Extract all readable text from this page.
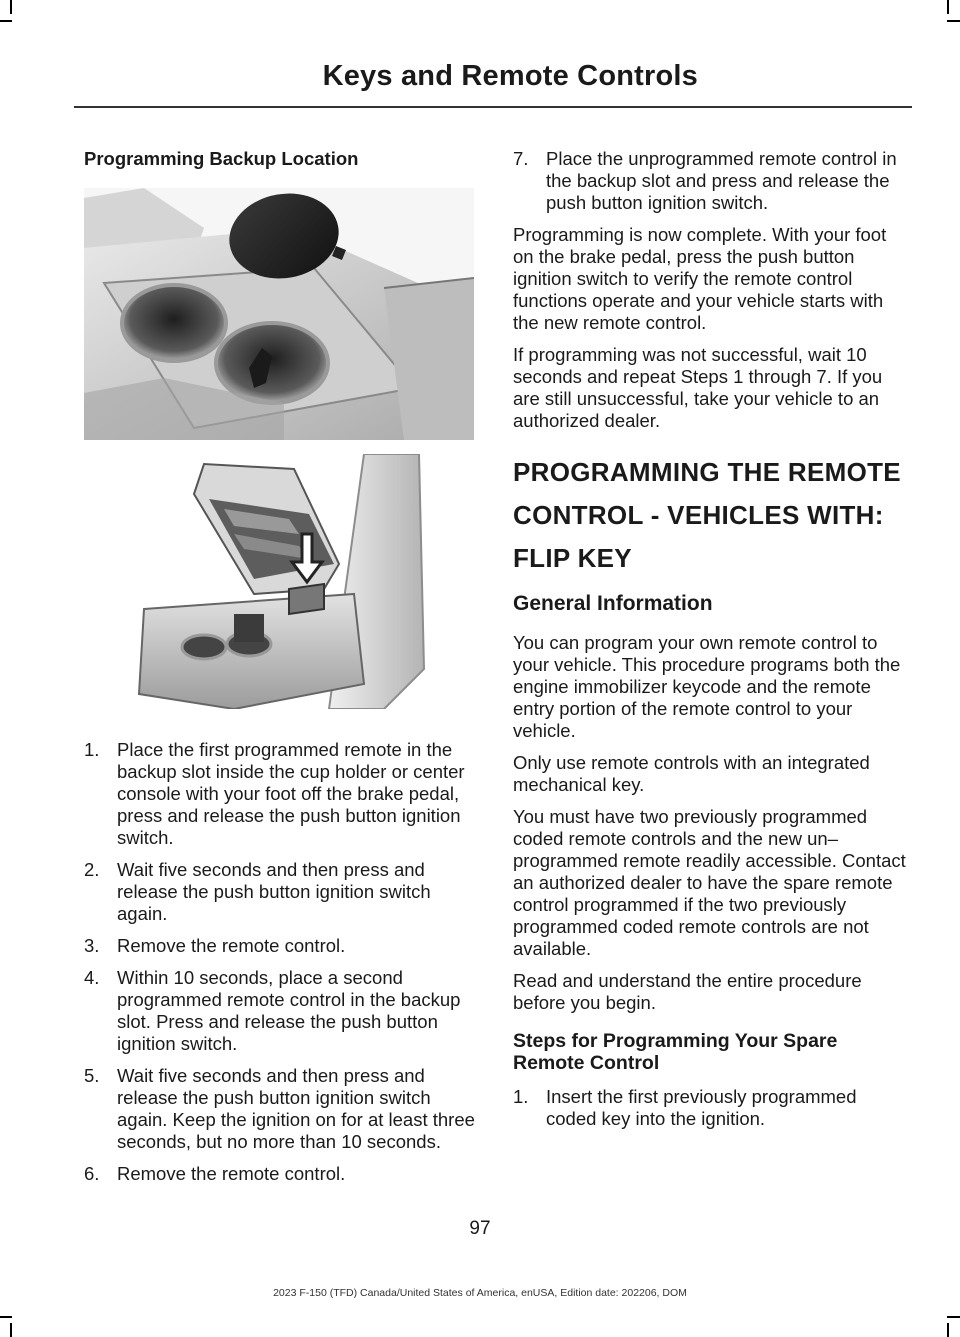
Keys and Remote Controls
Programming Backup Location
1. Place the first programmed remote in the backup slot inside the cup holder or center console with your foot off the brake pedal, press and release the push button ignition switch.
2. Wait five seconds and then press and release the push button ignition switch again.
3. Remove the remote control.
4. Within 10 seconds, place a second programmed remote control in the backup slot. Press and release the push button ignition switch.
5. Wait five seconds and then press and release the push button ignition switch again. Keep the ignition on for at least three seconds, but no more than 10 seconds.
6. Remove the remote control.
7. Place the unprogrammed remote control in the backup slot and press and release the push button ignition switch.

Programming is now complete. With your foot on the brake pedal, press the push button ignition switch to verify the remote control functions operate and your vehicle starts with the new remote control.

If programming was not successful, wait 10 seconds and repeat Steps 1 through 7. If you are still unsuccessful, take your vehicle to an authorized dealer.

PROGRAMMING THE REMOTE
CONTROL - VEHICLES WITH:
FLIP KEY
General Information

You can program your own remote control to your vehicle. This procedure programs both the engine immobilizer keycode and the remote entry portion of the remote control to your vehicle.

Only use remote controls with an integrated mechanical key.

You must have two previously programmed coded remote controls and the new un–programmed remote readily accessible. Contact an authorized dealer to have the spare remote control programmed if the two previously programmed coded remote controls are not available.

Read and understand the entire procedure before you begin.

Steps for Programming Your Spare Remote Control
1. Insert the first previously programmed coded key into the ignition.
97
2023 F-150 (TFD) Canada/United States of America, enUSA, Edition date: 202206, DOM
